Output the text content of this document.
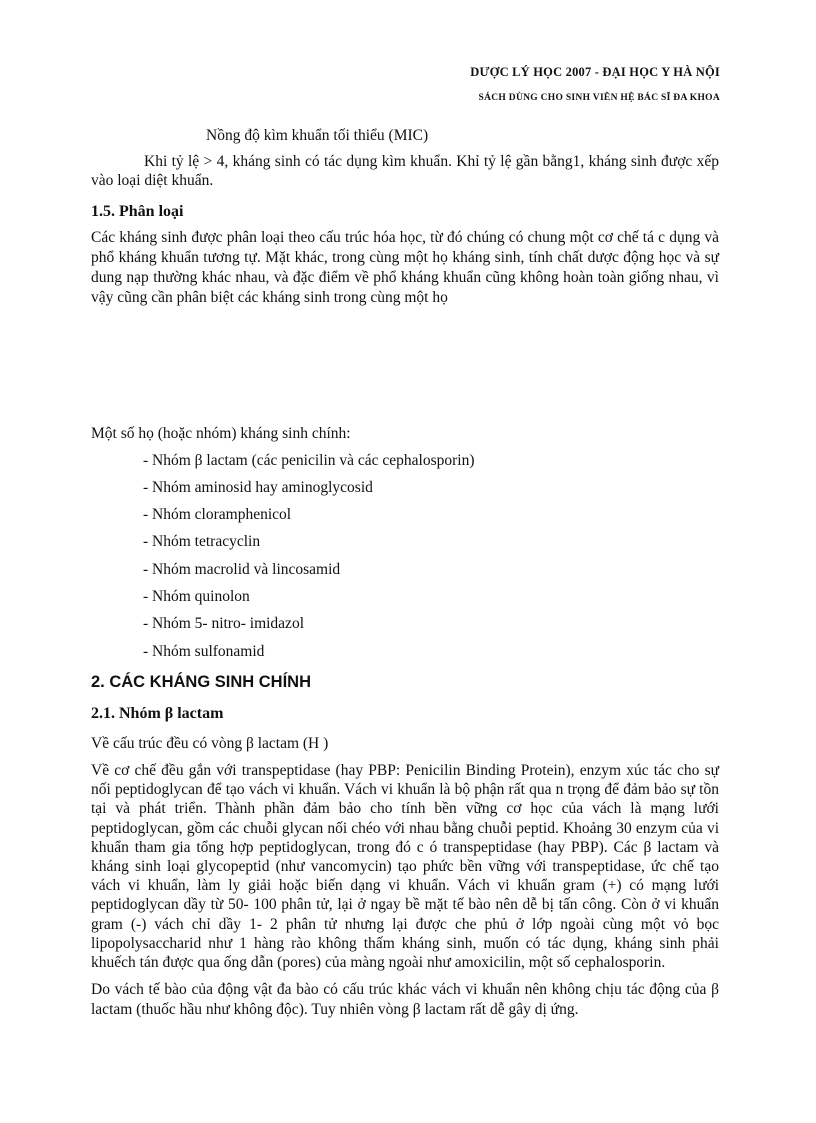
DƯỢC LÝ HỌC 2007 - ĐẠI HỌC Y HÀ NỘI
SÁCH DÙNG CHO SINH VIÊN HỆ BÁC SĨ ĐA KHOA
Nồng độ kìm khuẩn tối thiểu (MIC)

Khi tỷ lệ > 4, kháng sinh có tác dụng kìm khuẩn. Khỉ tỷ lệ gần bằng1, kháng sinh được xếp vào loại diệt khuẩn.

1.5. Phân loại

Các kháng sinh được phân loại theo cấu trúc hóa học, từ đó chúng có chung một cơ chế tá c dụng và phổ kháng khuẩn tương tự. Mặt khác, trong cùng một họ kháng sinh, tính chất dược động học và sự dung nạp thường khác nhau, và đặc điểm về phổ kháng khuẩn cũng không hoàn toàn giống nhau, vì vậy cũng cần phân biệt các kháng sinh trong cùng một họ

Một số họ (hoặc nhóm) kháng sinh chính:
- Nhóm β lactam (các penicilin và các cephalosporin)
- Nhóm aminosid hay aminoglycosid
- Nhóm cloramphenicol
- Nhóm tetracyclin
- Nhóm macrolid và lincosamid
- Nhóm quinolon
- Nhóm 5- nitro- imidazol
- Nhóm sulfonamid
2. CÁC KHÁNG SINH CHÍNH
2.1. Nhóm β lactam
Về cấu trúc đều có vòng β lactam (H )

Về cơ chế đều gắn với transpeptidase (hay PBP: Penicilin Binding Protein), enzym xúc tác cho sự nối peptidoglycan để tạo vách vi khuẩn. Vách vi khuẩn là bộ phận rất qua n trọng để đảm bảo sự tồn tại và phát triển. Thành phần đảm bảo cho tính bền vững cơ học của vách là mạng lưới peptidoglycan, gồm các chuỗi glycan nối chéo với nhau bằng chuỗi peptid. Khoảng 30 enzym của vi khuẩn tham gia tổng hợp peptidoglycan, trong đó c ó transpeptidase (hay PBP). Các β lactam và kháng sinh loại glycopeptid (như vancomycin) tạo phức bền vững với transpeptidase, ức chế tạo vách vi khuẩn, làm ly giải hoặc biến dạng vi khuẩn. Vách vi khuẩn gram (+) có mạng lưới peptidoglycan dầy từ 50- 100 phân tử, lại ở ngay bề mặt tế bào nên dễ bị tấn công. Còn ở vi khuẩn gram (-) vách chỉ dầy 1- 2 phân tử nhưng lại được che phủ ở lớp ngoài cùng một vỏ bọc lipopolysaccharid như 1 hàng rào không thấm kháng sinh, muốn có tác dụng, kháng sinh phải khuếch tán được qua ống dẫn (pores) của màng ngoài như amoxicilin, một số cephalosporin.

Do vách tế bào của động vật đa bào có cấu trúc khác vách vi khuẩn nên không chịu tác động của β lactam (thuốc hầu như không độc). Tuy nhiên vòng β lactam rất dễ gây dị ứng.
